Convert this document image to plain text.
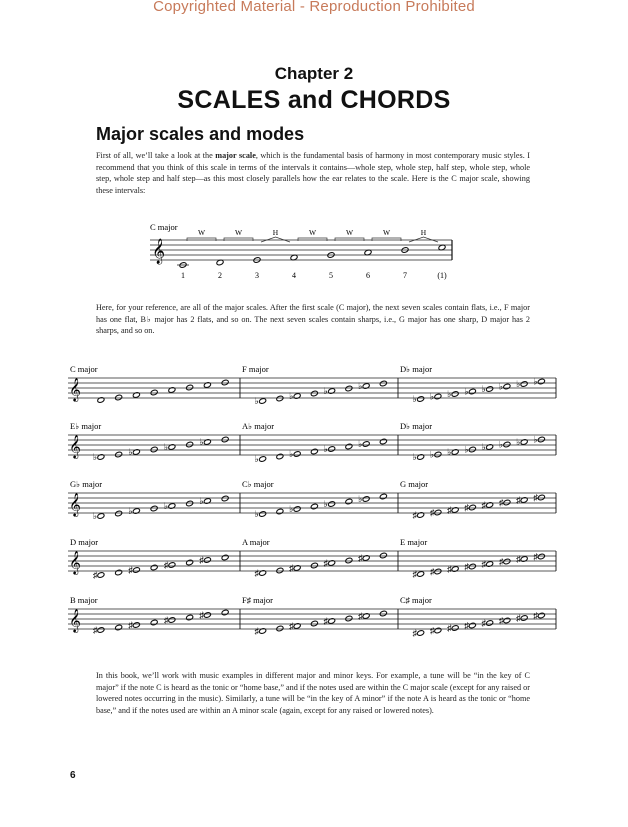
Copyrighted Material - Reproduction Prohibited
Chapter 2
SCALES and CHORDS
Major scales and modes
First of all, we’ll take a look at the major scale, which is the fundamental basis of harmony in most contemporary music styles. I recommend that you think of this scale in terms of the intervals it contains—whole step, whole step, half step, whole step, whole step, whole step and half step—as this most closely parallels how the ear relates to the scale. Here is the C major scale, showing these intervals:
𝄞
C major
1
W
2
W
3
H
4
W
5
W
6
W
7
H
(1)
Here, for your reference, are all of the major scales. After the first scale (C major), the next seven scales contain flats, i.e., F major has one flat, B♭ major has 2 flats, and so on. The next seven scales contain sharps, i.e., G major has one sharp, D major has 2 sharps, and so on.
C major
𝄞
F major
♭	♭	♭	♭
D♭ major
♭ ♭ ♭ ♭ ♭ ♭ ♭ ♭
E♭ major
𝄞 ♭	♭	♭	♭
A♭ major
♭	♭	♭	♭
D♭ major
♭ ♭ ♭ ♭ ♭ ♭ ♭ ♭
G♭ major
𝄞 ♭	♭	♭	♭
C♭ major
♭	♭	♭	♭
G major
♯ ♯ ♯ ♯ ♯ ♯ ♯ ♯
D major
𝄞
♯	♯	♯	♯
A major
♯	♯	♯	♯
E major
♯ ♯ ♯ ♯ ♯ ♯ ♯ ♯
B major
𝄞 ♯	♯	♯	♯
F♯ major
♯	♯	♯	♯
C♯ major
♯ ♯ ♯ ♯ ♯ ♯ ♯ ♯
In this book, we’ll work with music examples in different major and minor keys. For example, a tune will be “in the key of C major” if the note C is heard as the tonic or “home base,” and if the notes used are within the C major scale (except for any raised or lowered notes occurring in the music). Similarly, a tune will be “in the key of A minor” if the note A is heard as the tonic or “home base,” and if the notes used are within an A minor scale (again, except for any raised or lowered notes).
6
